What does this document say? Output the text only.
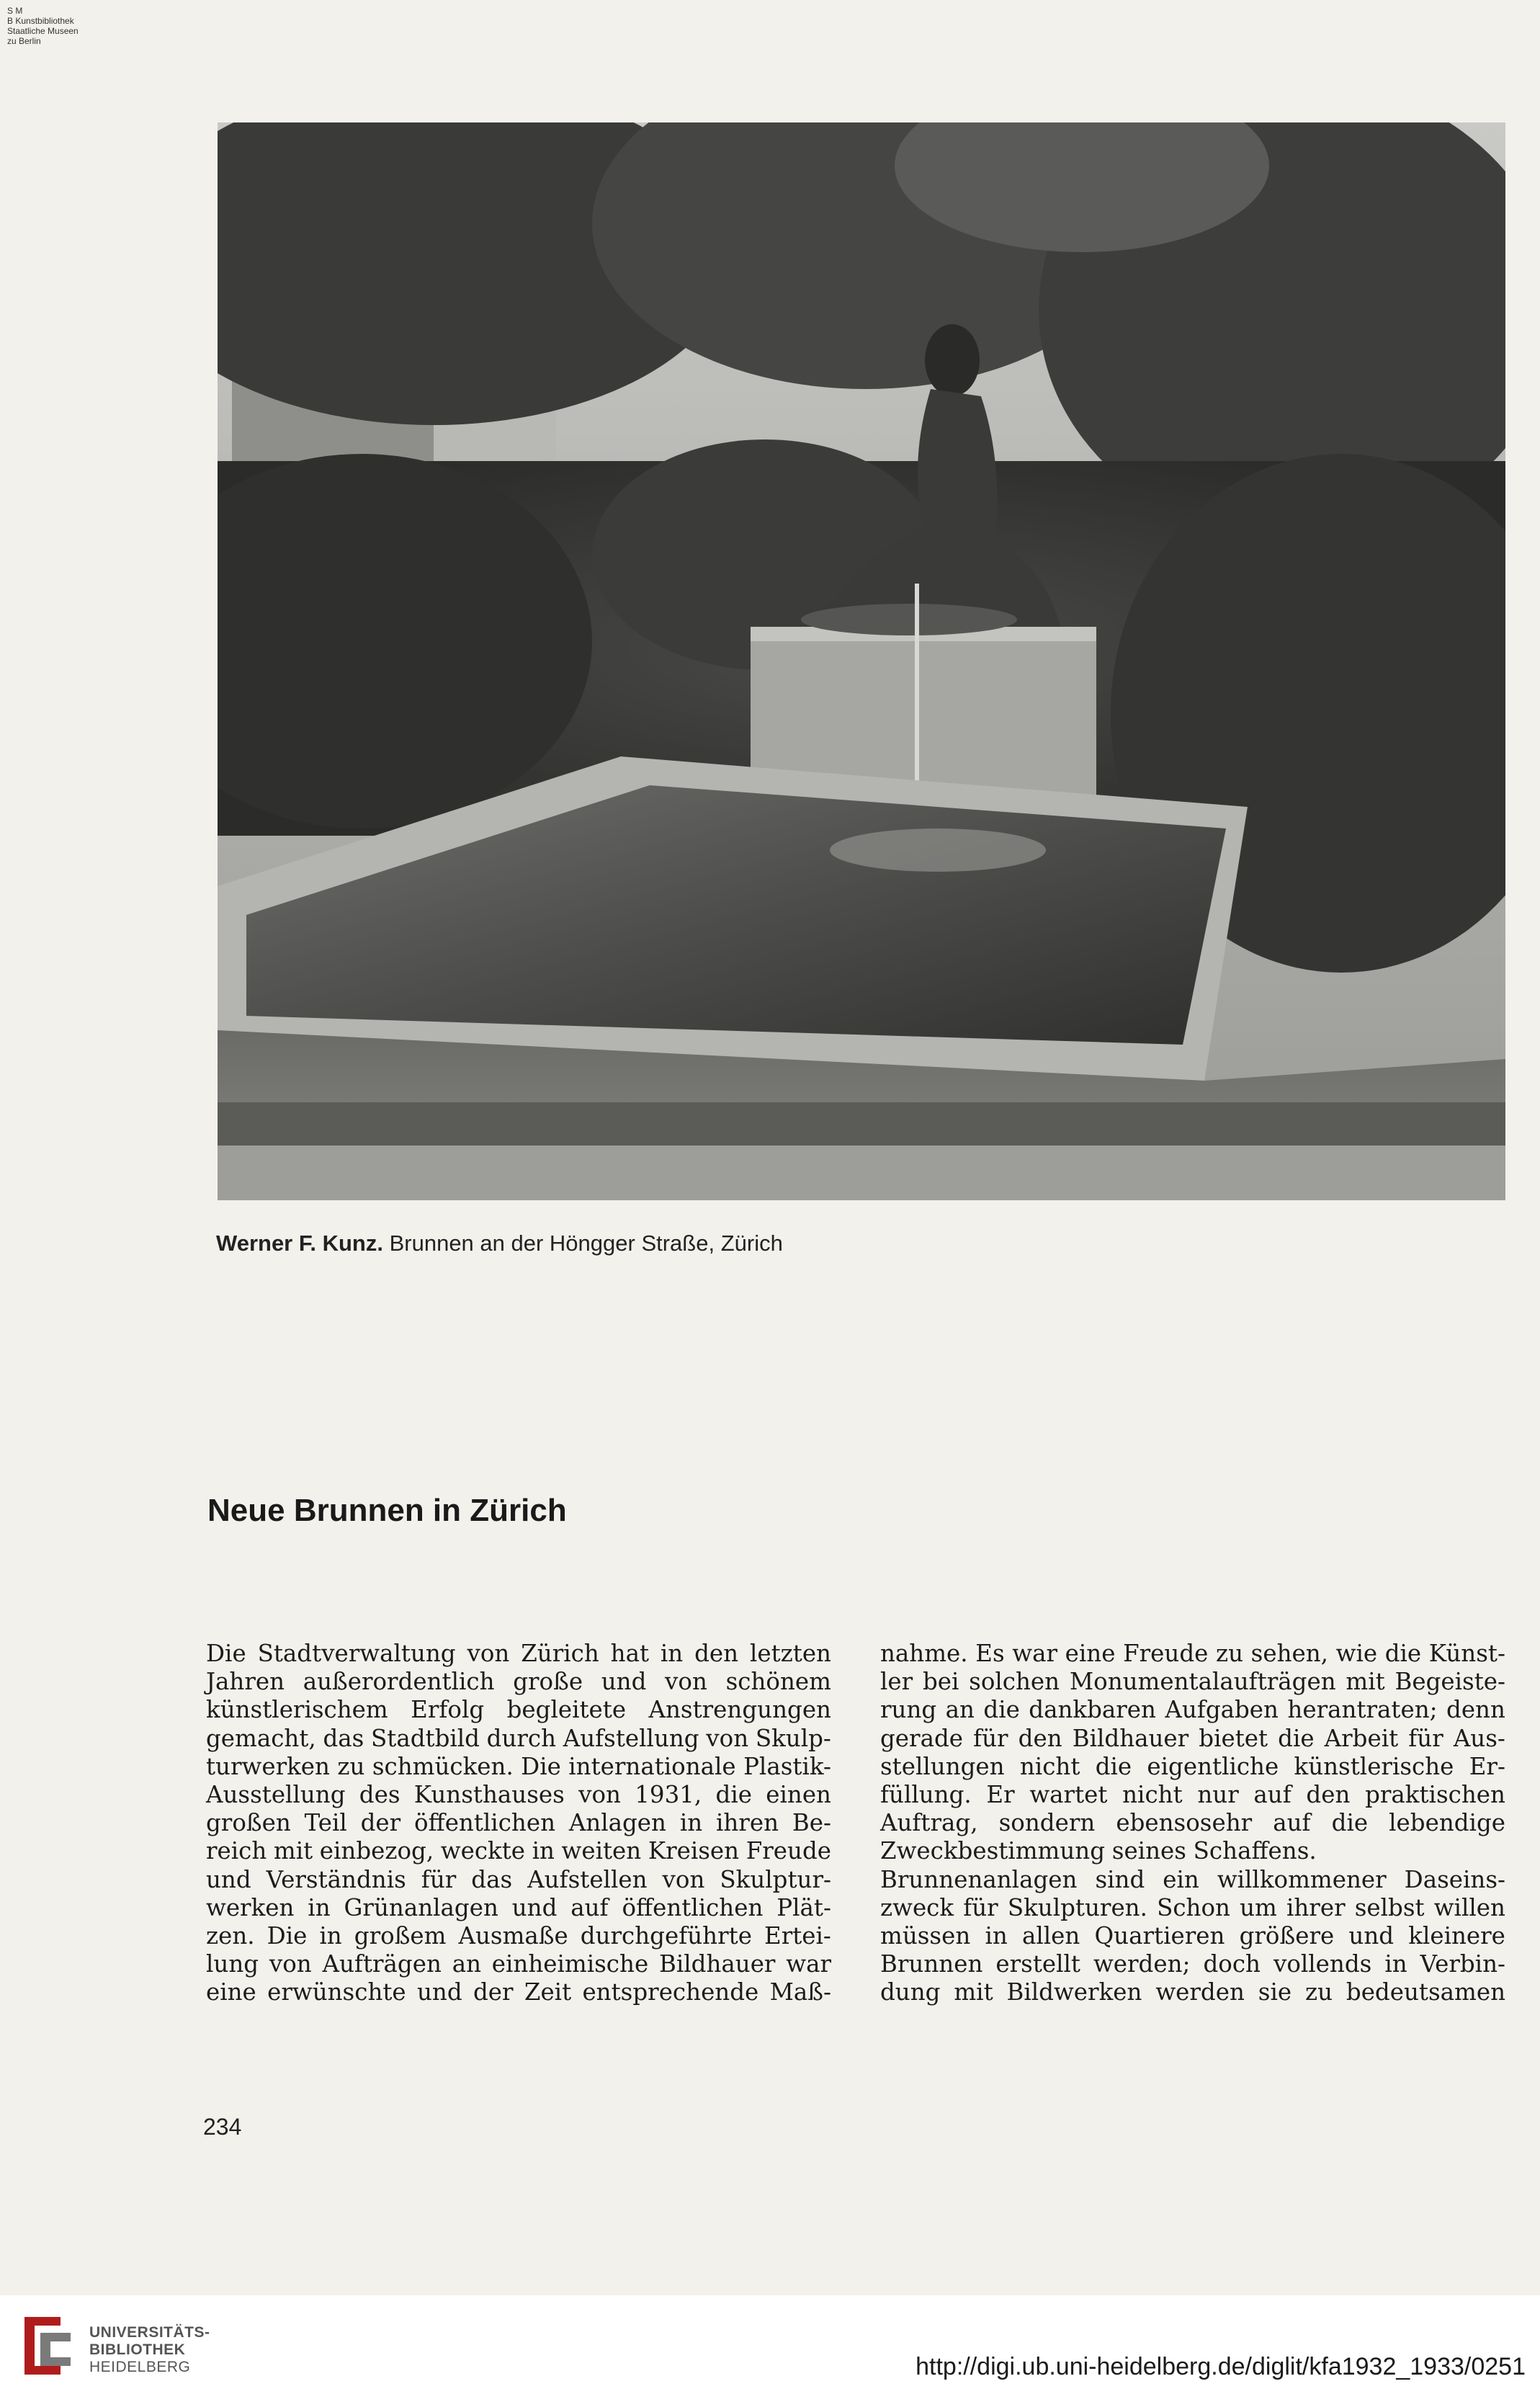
S M
B Kunstbibliothek
Staatliche Museen
zu Berlin
Werner F. Kunz. Brunnen an der Höngger Straße, Zürich
Neue Brunnen in Zürich
Die Stadtverwaltung von Zürich hat in den letzten
Jahren außerordentlich große und von schönem
künstlerischem Erfolg begleitete Anstrengungen
gemacht, das Stadtbild durch Aufstellung von Skulp-
turwerken zu schmücken. Die internationale Plastik-
Ausstellung des Kunsthauses von 1931, die einen
großen Teil der öffentlichen Anlagen in ihren Be-
reich mit einbezog, weckte in weiten Kreisen Freude
und Verständnis für das Aufstellen von Skulptur-
werken in Grünanlagen und auf öffentlichen Plät-
zen. Die in großem Ausmaße durchgeführte Ertei-
lung von Aufträgen an einheimische Bildhauer war
eine erwünschte und der Zeit entsprechende Maß-
nahme. Es war eine Freude zu sehen, wie die Künst-
ler bei solchen Monumentalaufträgen mit Begeiste-
rung an die dankbaren Aufgaben herantraten; denn
gerade für den Bildhauer bietet die Arbeit für Aus-
stellungen nicht die eigentliche künstlerische Er-
füllung. Er wartet nicht nur auf den praktischen
Auftrag, sondern ebensosehr auf die lebendige
Zweckbestimmung seines Schaffens.
Brunnenanlagen sind ein willkommener Daseins-
zweck für Skulpturen. Schon um ihrer selbst willen
müssen in allen Quartieren größere und kleinere
Brunnen erstellt werden; doch vollends in Verbin-
dung mit Bildwerken werden sie zu bedeutsamen
234
UNIVERSITÄTS-
BIBLIOTHEK
HEIDELBERG	http://digi.ub.uni-heidelberg.de/diglit/kfa1932_1933/0251
